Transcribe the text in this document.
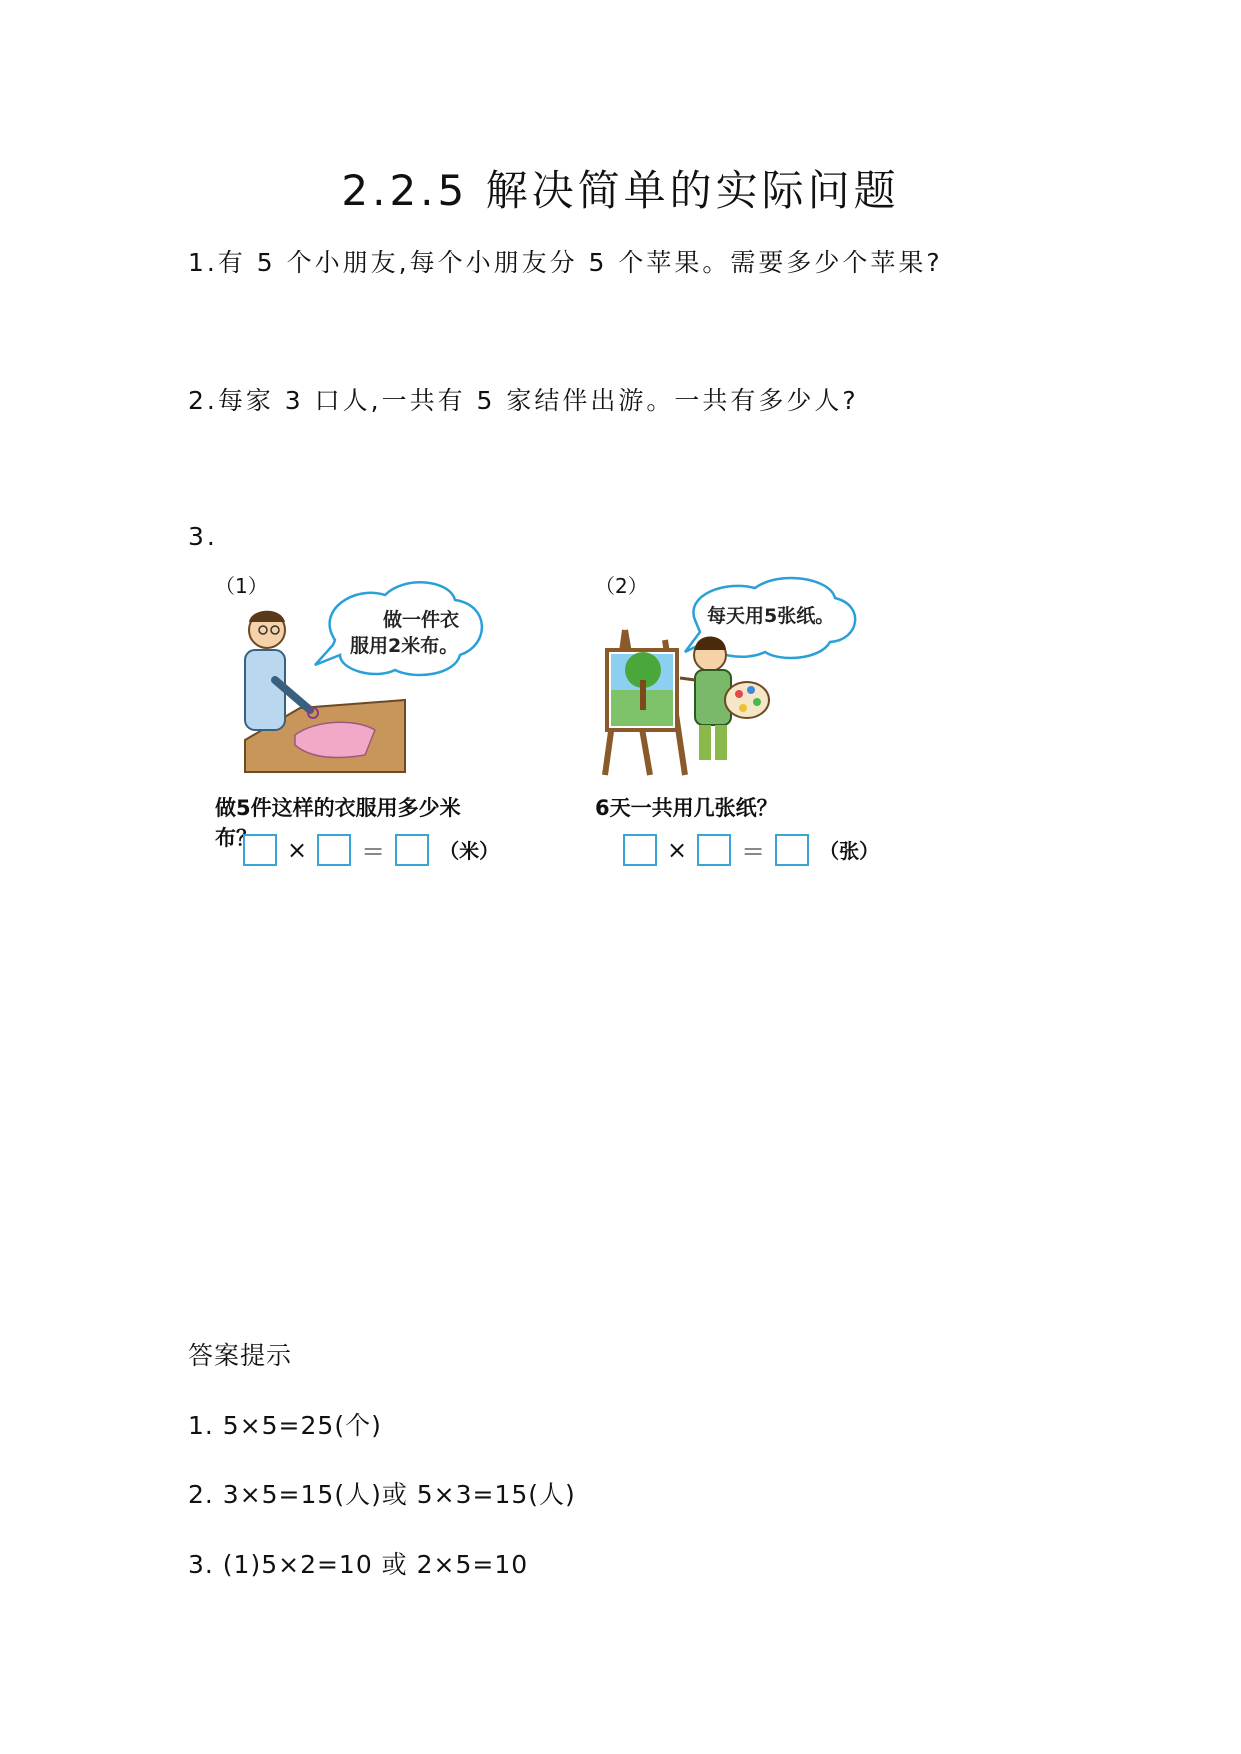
2.2.5 解决简单的实际问题
1.有 5 个小朋友,每个小朋友分 5 个苹果。需要多少个苹果?
2.每家 3 口人,一共有 5 家结伴出游。一共有多少人?
3.
（1）
做一件衣
服用2米布。
做5件这样的衣服用多少米布？	× ＝	（米）
（2）
每天用5张纸。
6天一共用几张纸？
× ＝	（张）
答案提示
1. 5×5=25(个)
2. 3×5=15(人)或 5×3=15(人)
3. (1)5×2=10 或 2×5=10
